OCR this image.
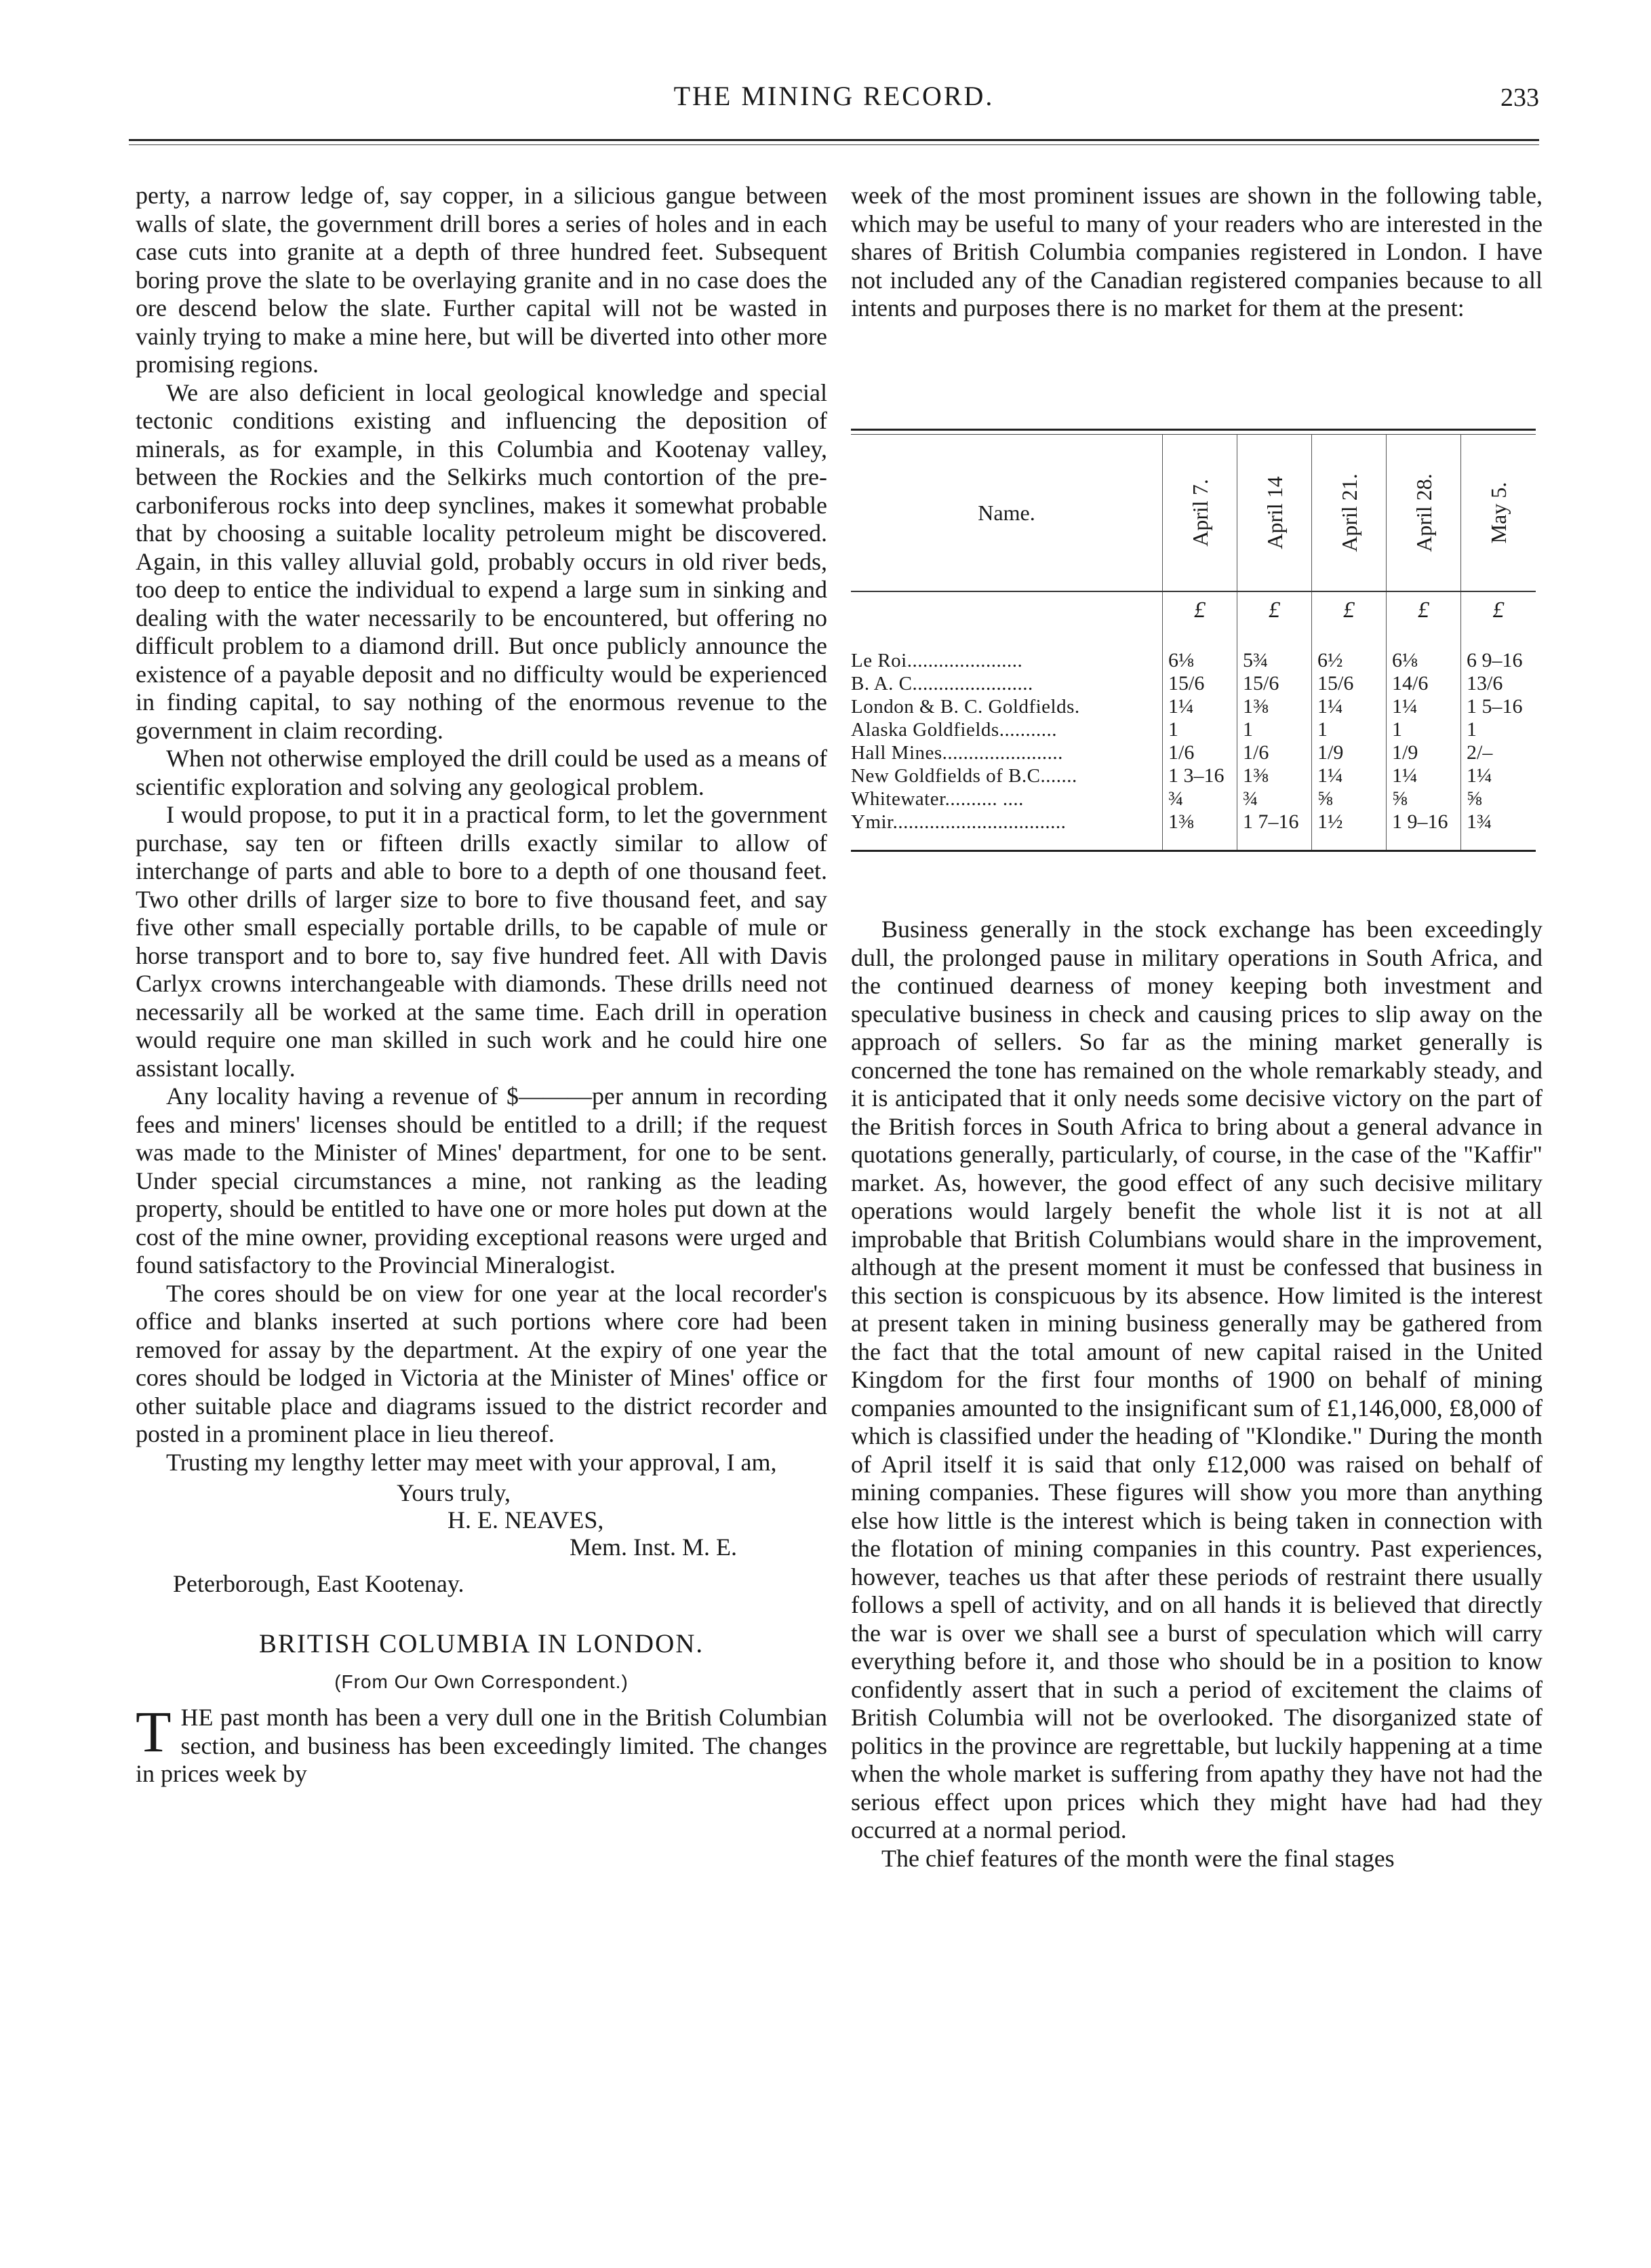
THE MINING RECORD.	233

perty, a narrow ledge of, say copper, in a silicious gangue between walls of slate, the government drill bores a series of holes and in each case cuts into granite at a depth of three hundred feet. Subsequent boring prove the slate to be overlaying granite and in no case does the ore descend below the slate. Further capital will not be wasted in vainly trying to make a mine here, but will be diverted into other more promising regions.

We are also deficient in local geological knowledge and special tectonic conditions existing and influencing the deposition of minerals, as for example, in this Columbia and Kootenay valley, between the Rockies and the Selkirks much contortion of the pre-carboniferous rocks into deep synclines, makes it somewhat probable that by choosing a suitable locality petroleum might be discovered. Again, in this valley alluvial gold, probably occurs in old river beds, too deep to entice the individual to expend a large sum in sinking and dealing with the water necessarily to be encountered, but offering no difficult problem to a diamond drill. But once publicly announce the existence of a payable deposit and no difficulty would be experienced in finding capital, to say nothing of the enormous revenue to the government in claim recording.

When not otherwise employed the drill could be used as a means of scientific exploration and solving any geological problem.

I would propose, to put it in a practical form, to let the government purchase, say ten or fifteen drills exactly similar to allow of interchange of parts and able to bore to a depth of one thousand feet. Two other drills of larger size to bore to five thousand feet, and say five other small especially portable drills, to be capable of mule or horse transport and to bore to, say five hundred feet. All with Davis Carlyx crowns interchangeable with diamonds. These drills need not necessarily all be worked at the same time. Each drill in operation would require one man skilled in such work and he could hire one assistant locally.

Any locality having a revenue of $———per annum in recording fees and miners' licenses should be entitled to a drill; if the request was made to the Minister of Mines' department, for one to be sent. Under special circumstances a mine, not ranking as the leading property, should be entitled to have one or more holes put down at the cost of the mine owner, providing exceptional reasons were urged and found satisfactory to the Provincial Mineralogist.

The cores should be on view for one year at the local recorder's office and blanks inserted at such portions where core had been removed for assay by the department. At the expiry of one year the cores should be lodged in Victoria at the Minister of Mines' office or other suitable place and diagrams issued to the district recorder and posted in a prominent place in lieu thereof.

Trusting my lengthy letter may meet with your approval, I am,

Yours truly,
H. E. NEAVES,
Mem. Inst. M. E.
Peterborough, East Kootenay.
BRITISH COLUMBIA IN LONDON.
(From Our Own Correspondent.)

THE past month has been a very dull one in the British Columbian section, and business has been exceedingly limited. The changes in prices week by

week of the most prominent issues are shown in the following table, which may be useful to many of your readers who are interested in the shares of British Columbia companies registered in London. I have not included any of the Canadian registered companies because to all intents and purposes there is no market for them at the present:

Name.	April 7. April 14 April 21. April 28. May 5.
Le Roi......................
B. A. C.......................
London & B. C. Goldfields.
Alaska Goldfields...........
Hall Mines.......................
New Goldfields of B.C.......
Whitewater.......... ....
Ymir.................................
£
6⅛
15/6
1¼
1
1/6
1 3–16
¾
1⅜
£
5¾
15/6
1⅜
1
1/6
1⅜
¾
1 7–16
£
6½
15/6
1¼
1
1/9
1¼
⅝
1½
£
6⅛
14/6
1¼
1
1/9
1¼
⅝
1 9–16
£
6 9–16
13/6
1 5–16
1
2/–
1¼
⅝
1¾

Business generally in the stock exchange has been exceedingly dull, the prolonged pause in military operations in South Africa, and the continued dearness of money keeping both investment and speculative business in check and causing prices to slip away on the approach of sellers. So far as the mining market generally is concerned the tone has remained on the whole remarkably steady, and it is anticipated that it only needs some decisive victory on the part of the British forces in South Africa to bring about a general advance in quotations generally, particularly, of course, in the case of the "Kaffir" market. As, however, the good effect of any such decisive military operations would largely benefit the whole list it is not at all improbable that British Columbians would share in the improvement, although at the present moment it must be confessed that business in this section is conspicuous by its absence. How limited is the interest at present taken in mining business generally may be gathered from the fact that the total amount of new capital raised in the United Kingdom for the first four months of 1900 on behalf of mining companies amounted to the insignificant sum of £1,146,000, £8,000 of which is classified under the heading of "Klondike." During the month of April itself it is said that only £12,000 was raised on behalf of mining companies. These figures will show you more than anything else how little is the interest which is being taken in connection with the flotation of mining companies in this country. Past experiences, however, teaches us that after these periods of restraint there usually follows a spell of activity, and on all hands it is believed that directly the war is over we shall see a burst of speculation which will carry everything before it, and those who should be in a position to know confidently assert that in such a period of excitement the claims of British Columbia will not be overlooked. The disorganized state of politics in the province are regrettable, but luckily happening at a time when the whole market is suffering from apathy they have not had the serious effect upon prices which they might have had had they occurred at a normal period.

The chief features of the month were the final stages
